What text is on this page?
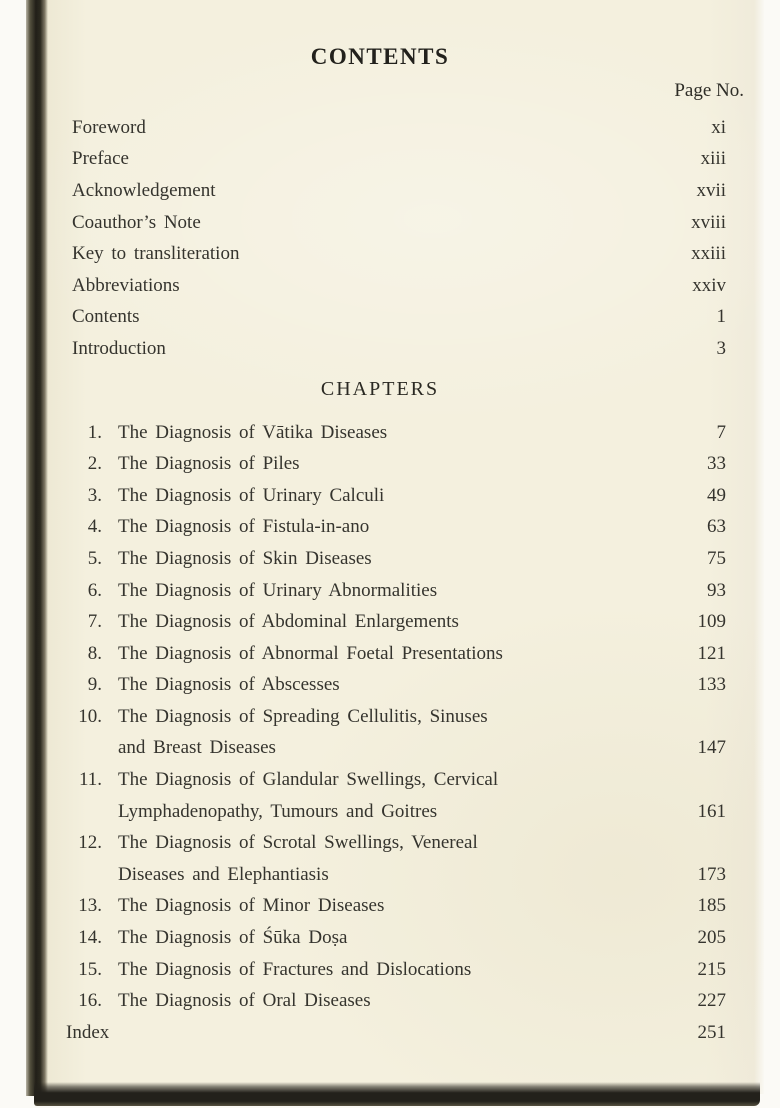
CONTENTS
Page No.
Foreword	xi
Preface	xiii
Acknowledgement	xvii
Coauthor’s Note	xviii
Key to transliteration	xxiii
Abbreviations	xxiv
Contents	1
Introduction	3
CHAPTERS
1. The Diagnosis of Vātika Diseases	7
2. The Diagnosis of Piles	33
3. The Diagnosis of Urinary Calculi	49
4. The Diagnosis of Fistula-in-ano	63
5. The Diagnosis of Skin Diseases	75
6. The Diagnosis of Urinary Abnormalities	93
7. The Diagnosis of Abdominal Enlargements	109
8. The Diagnosis of Abnormal Foetal Presentations	121
9. The Diagnosis of Abscesses	133
10. The Diagnosis of Spreading Cellulitis, Sinuses
and Breast Diseases	147
11. The Diagnosis of Glandular Swellings, Cervical
Lymphadenopathy, Tumours and Goitres	161
12. The Diagnosis of Scrotal Swellings, Venereal
Diseases and Elephantiasis	173
13. The Diagnosis of Minor Diseases	185
14. The Diagnosis of Śūka Doṣa	205
15. The Diagnosis of Fractures and Dislocations	215
16. The Diagnosis of Oral Diseases	227
Index	251
